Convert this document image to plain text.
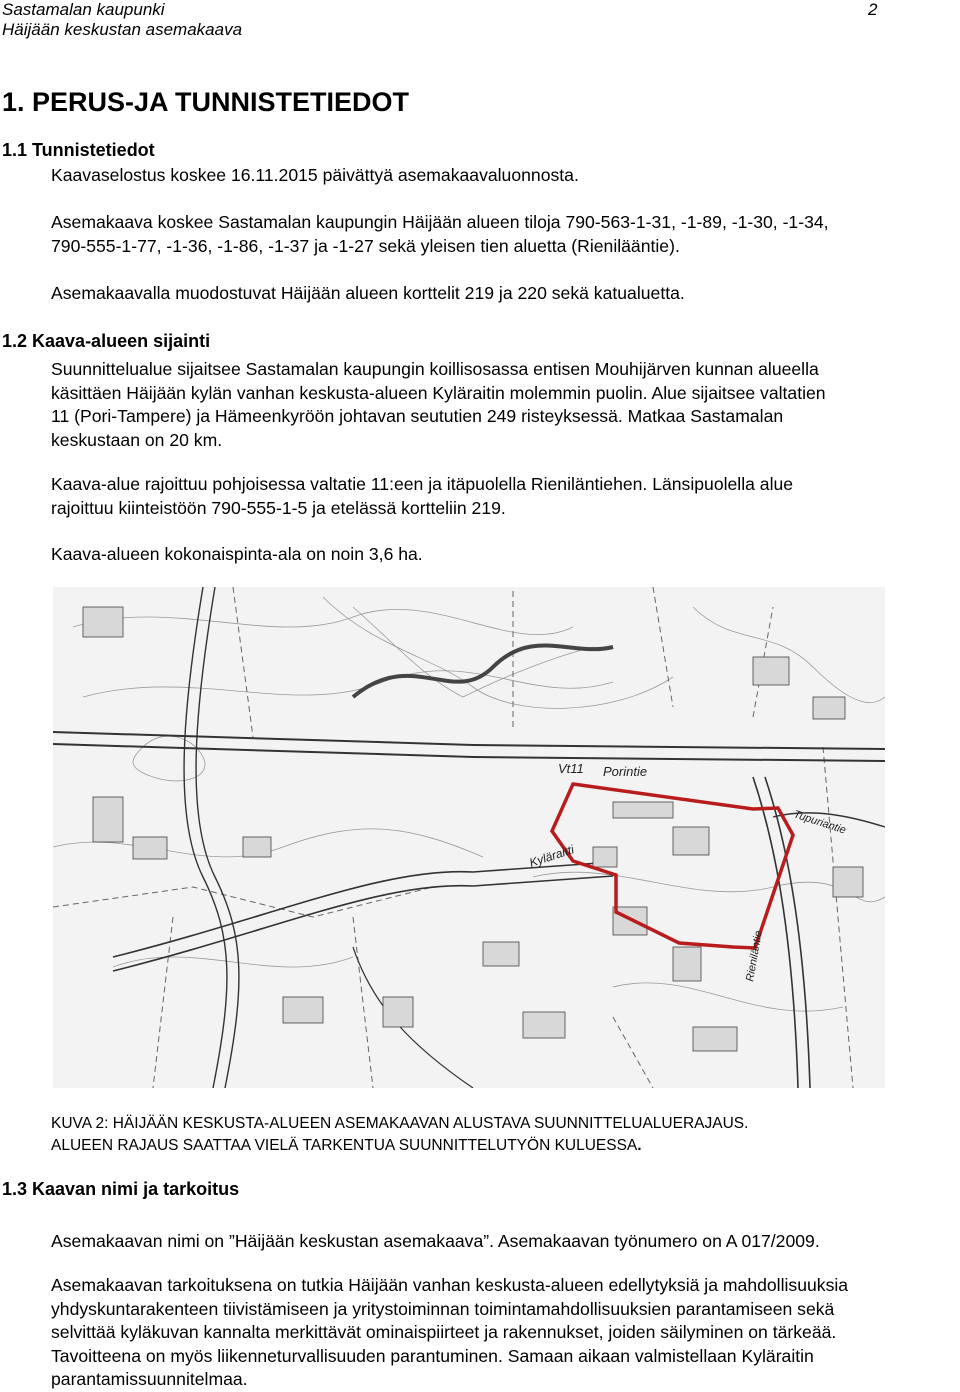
Sastamalan kaupunki
Häijään keskustan asemakaava
2
1. PERUS-JA TUNNISTETIEDOT
1.1 Tunnistetiedot

Kaavaselostus koskee 16.11.2015 päivättyä asemakaavaluonnosta.

Asemakaava koskee Sastamalan kaupungin Häijään alueen tiloja 790-563-1-31, -1-89, -1-30, -1-34,
790-555-1-77, -1-36, -1-86, -1-37 ja -1-27 sekä yleisen tien aluetta (Rienilääntie).

Asemakaavalla muodostuvat Häijään alueen korttelit 219 ja 220 sekä katualuetta.

1.2 Kaava-alueen sijainti
Suunnittelualue sijaitsee Sastamalan kaupungin koillisosassa entisen Mouhijärven kunnan alueella
käsittäen Häijään kylän vanhan keskusta-alueen Kyläraitin molemmin puolin. Alue sijaitsee valtatien
11 (Pori-Tampere) ja Hämeenkyröön johtavan seututien 249 risteyksessä. Matkaa Sastamalan
keskustaan on 20 km.
Kaava-alue rajoittuu pohjoisessa valtatie 11:een ja itäpuolella Rieniläntiehen. Länsipuolella alue
rajoittuu kiinteistöön 790-555-1-5 ja etelässä kortteliin 219.

Kaava-alueen kokonaispinta-ala on noin 3,6 ha.

Vt11 Porintie
Tupuriantie
Kyläraitti
Rieniläntie
KUVA 2: HÄIJÄÄN KESKUSTA-ALUEEN ASEMAKAAVAN ALUSTAVA SUUNNITTELUALUERAJAUS.
ALUEEN RAJAUS SAATTAA VIELÄ TARKENTUA SUUNNITTELUTYÖN KULUESSA.
1.3 Kaavan nimi ja tarkoitus

Asemakaavan nimi on ”Häijään keskustan asemakaava”. Asemakaavan työnumero on A 017/2009.

Asemakaavan tarkoituksena on tutkia Häijään vanhan keskusta-alueen edellytyksiä ja mahdollisuuksia
yhdyskuntarakenteen tiivistämiseen ja yritystoiminnan toimintamahdollisuuksien parantamiseen sekä
selvittää kyläkuvan kannalta merkittävät ominaispiirteet ja rakennukset, joiden säilyminen on tärkeää.
Tavoitteena on myös liikenneturvallisuuden parantuminen. Samaan aikaan valmistellaan Kyläraitin
parantamissuunnitelmaa.
